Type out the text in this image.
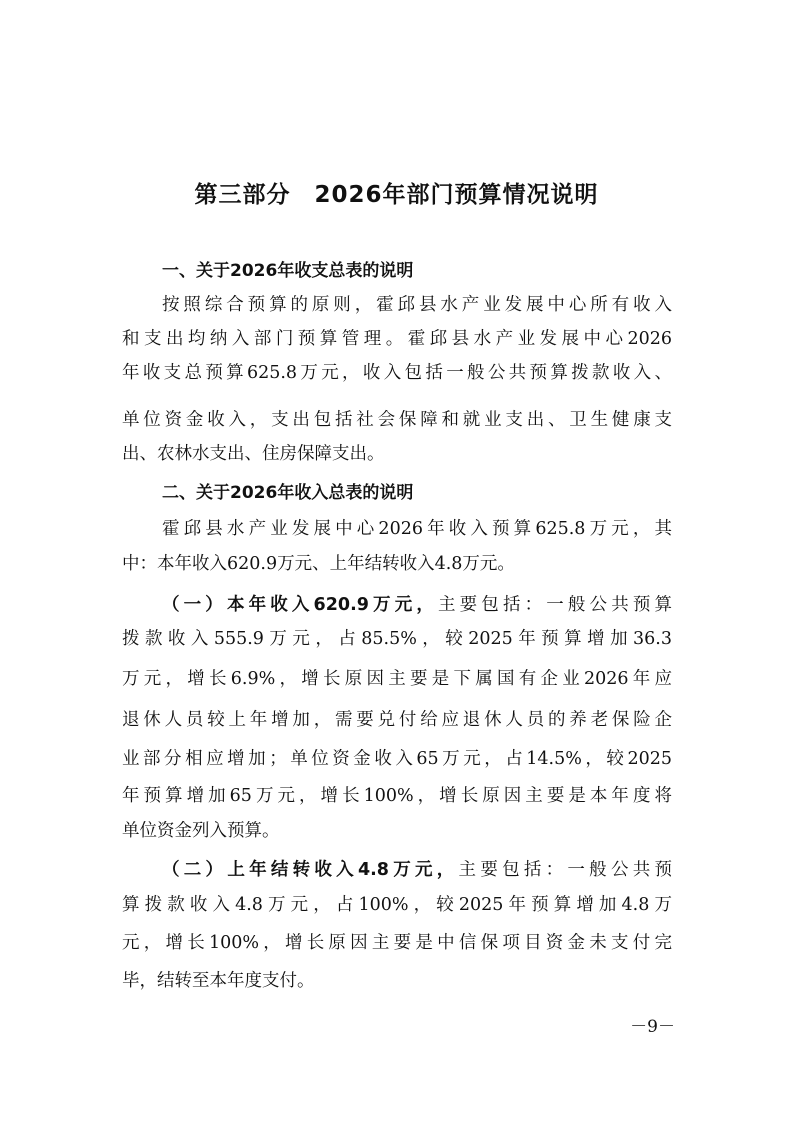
第三部分　2026年部门预算情况说明
一、关于2026年收支总表的说明
按照综合预算的原则，霍邱县水产业发展中心所有收入
和支出均纳入部门预算管理。霍邱县水产业发展中心2026
年收支总预算625.8万元，收入包括一般公共预算拨款收入、
单位资金收入，支出包括社会保障和就业支出、卫生健康支
出、农林水支出、住房保障支出。
二、关于2026年收入总表的说明
霍邱县水产业发展中心2026年收入预算625.8万元，其
中：本年收入620.9万元、上年结转收入4.8万元。
（一）本年收入620.9万元，主要包括：一般公共预算
拨款收入555.9万元，占85.5%，较2025年预算增加36.3
万元，增长6.9%，增长原因主要是下属国有企业2026年应
退休人员较上年增加，需要兑付给应退休人员的养老保险企
业部分相应增加；单位资金收入65万元，占14.5%，较2025
年预算增加65万元，增长100%，增长原因主要是本年度将
单位资金列入预算。
（二）上年结转收入4.8万元，主要包括：一般公共预
算拨款收入4.8万元，占100%，较2025年预算增加4.8万
元，增长100%，增长原因主要是中信保项目资金未支付完
毕，结转至本年度支付。
－9－
